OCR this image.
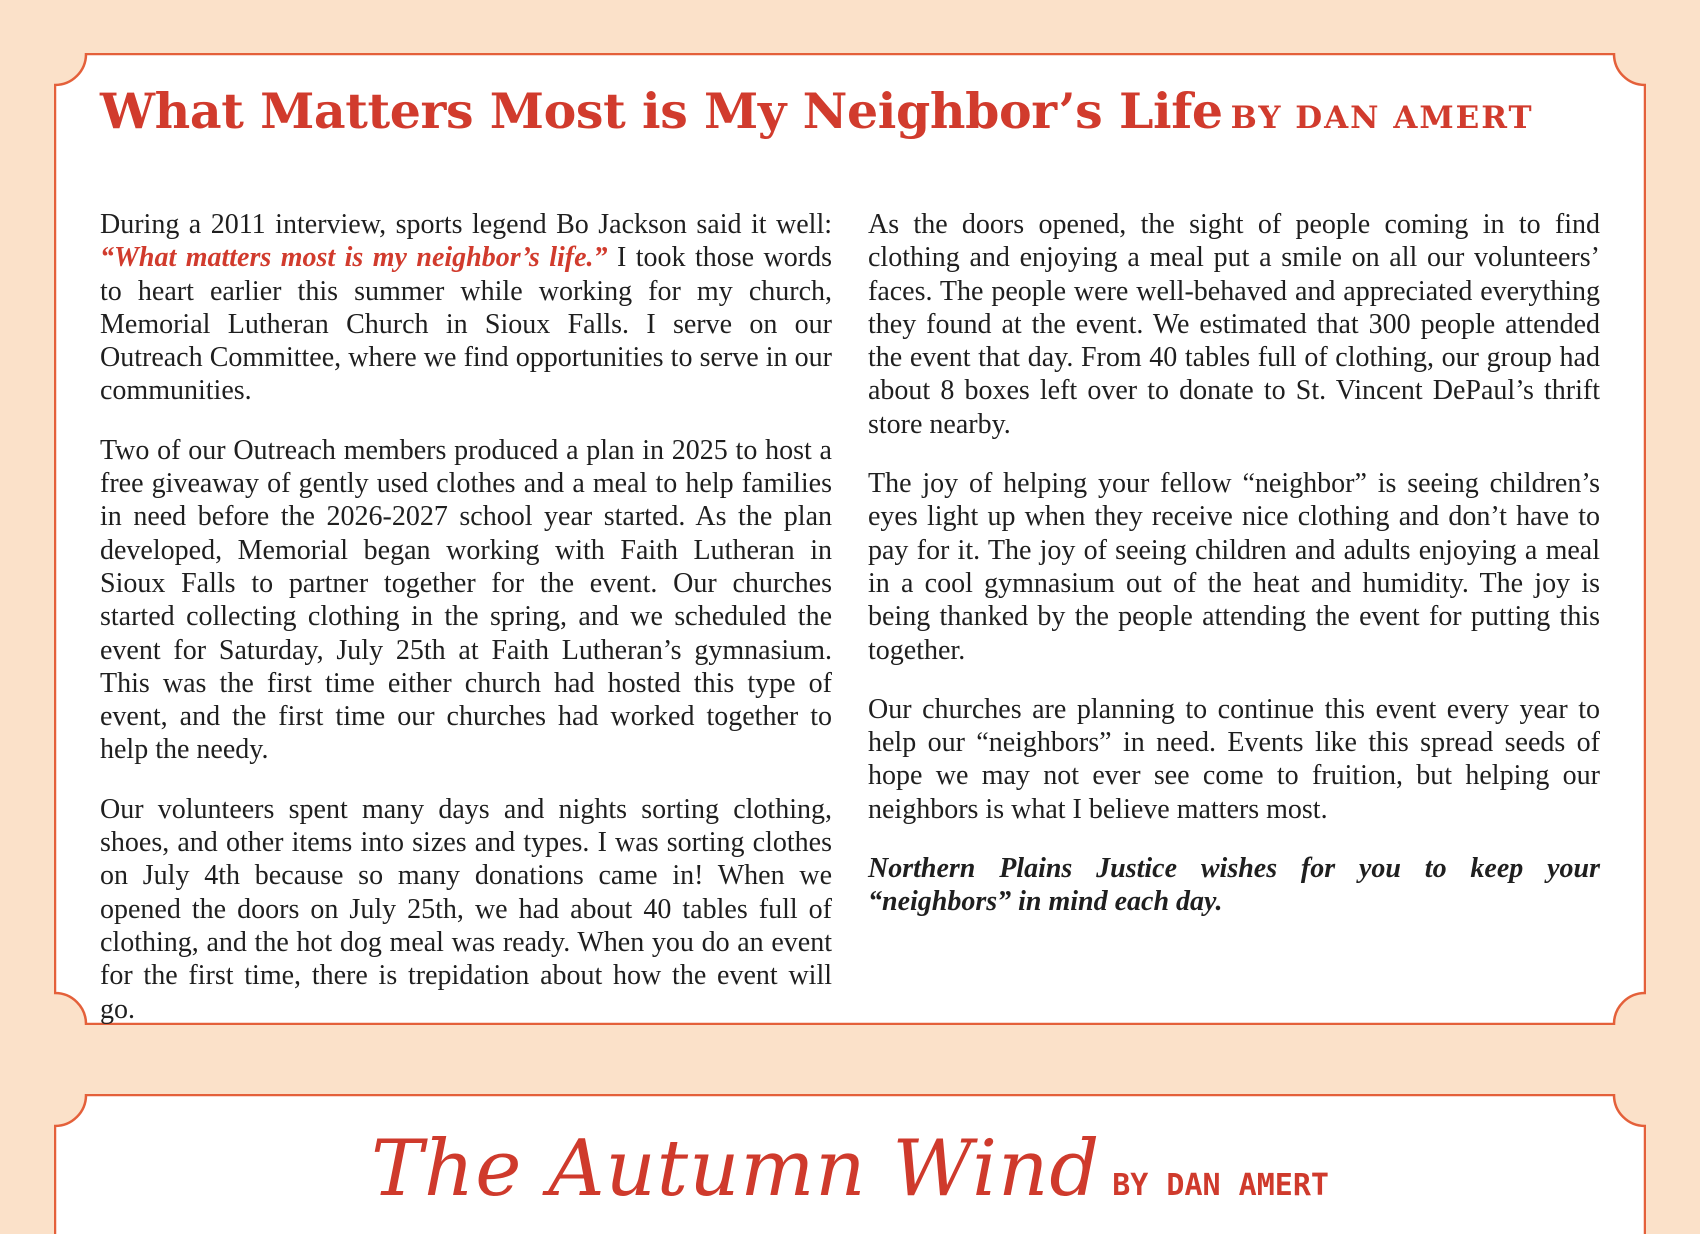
What Matters Most is My Neighbor’s Life BY DAN AMERT

During a 2011 interview, sports legend Bo Jackson said it well: “What matters most is my neighbor’s life.” I took those words to heart earlier this summer while working for my church, Memorial Lutheran Church in Sioux Falls. I serve on our Outreach Committee, where we find opportunities to serve in our communities.

Two of our Outreach members produced a plan in 2025 to host a free giveaway of gently used clothes and a meal to help families in need before the 2026-2027 school year started. As the plan developed, Memorial began working with Faith Lutheran in Sioux Falls to partner together for the event. Our churches started collecting clothing in the spring, and we scheduled the event for Saturday, July 25th at Faith Lutheran’s gymnasium. This was the first time either church had hosted this type of event, and the first time our churches had worked together to help the needy.

Our volunteers spent many days and nights sorting clothing, shoes, and other items into sizes and types. I was sorting clothes on July 4th because so many donations came in! When we opened the doors on July 25th, we had about 40 tables full of clothing, and the hot dog meal was ready. When you do an event for the first time, there is trepidation about how the event will go.

As the doors opened, the sight of people coming in to find clothing and enjoying a meal put a smile on all our volunteers’ faces. The people were well-behaved and appreciated everything they found at the event. We estimated that 300 people attended the event that day. From 40 tables full of clothing, our group had about 8 boxes left over to donate to St. Vincent DePaul’s thrift store nearby.

The joy of helping your fellow “neighbor” is seeing children’s eyes light up when they receive nice clothing and don’t have to pay for it. The joy of seeing children and adults enjoying a meal in a cool gymnasium out of the heat and humidity. The joy is being thanked by the people attending the event for putting this together.

Our churches are planning to continue this event every year to help our “neighbors” in need. Events like this spread seeds of hope we may not ever see come to fruition, but helping our neighbors is what I believe matters most.

Northern Plains Justice wishes for you to keep your “neighbors” in mind each day.

The Autumn Wind BY DAN AMERT
